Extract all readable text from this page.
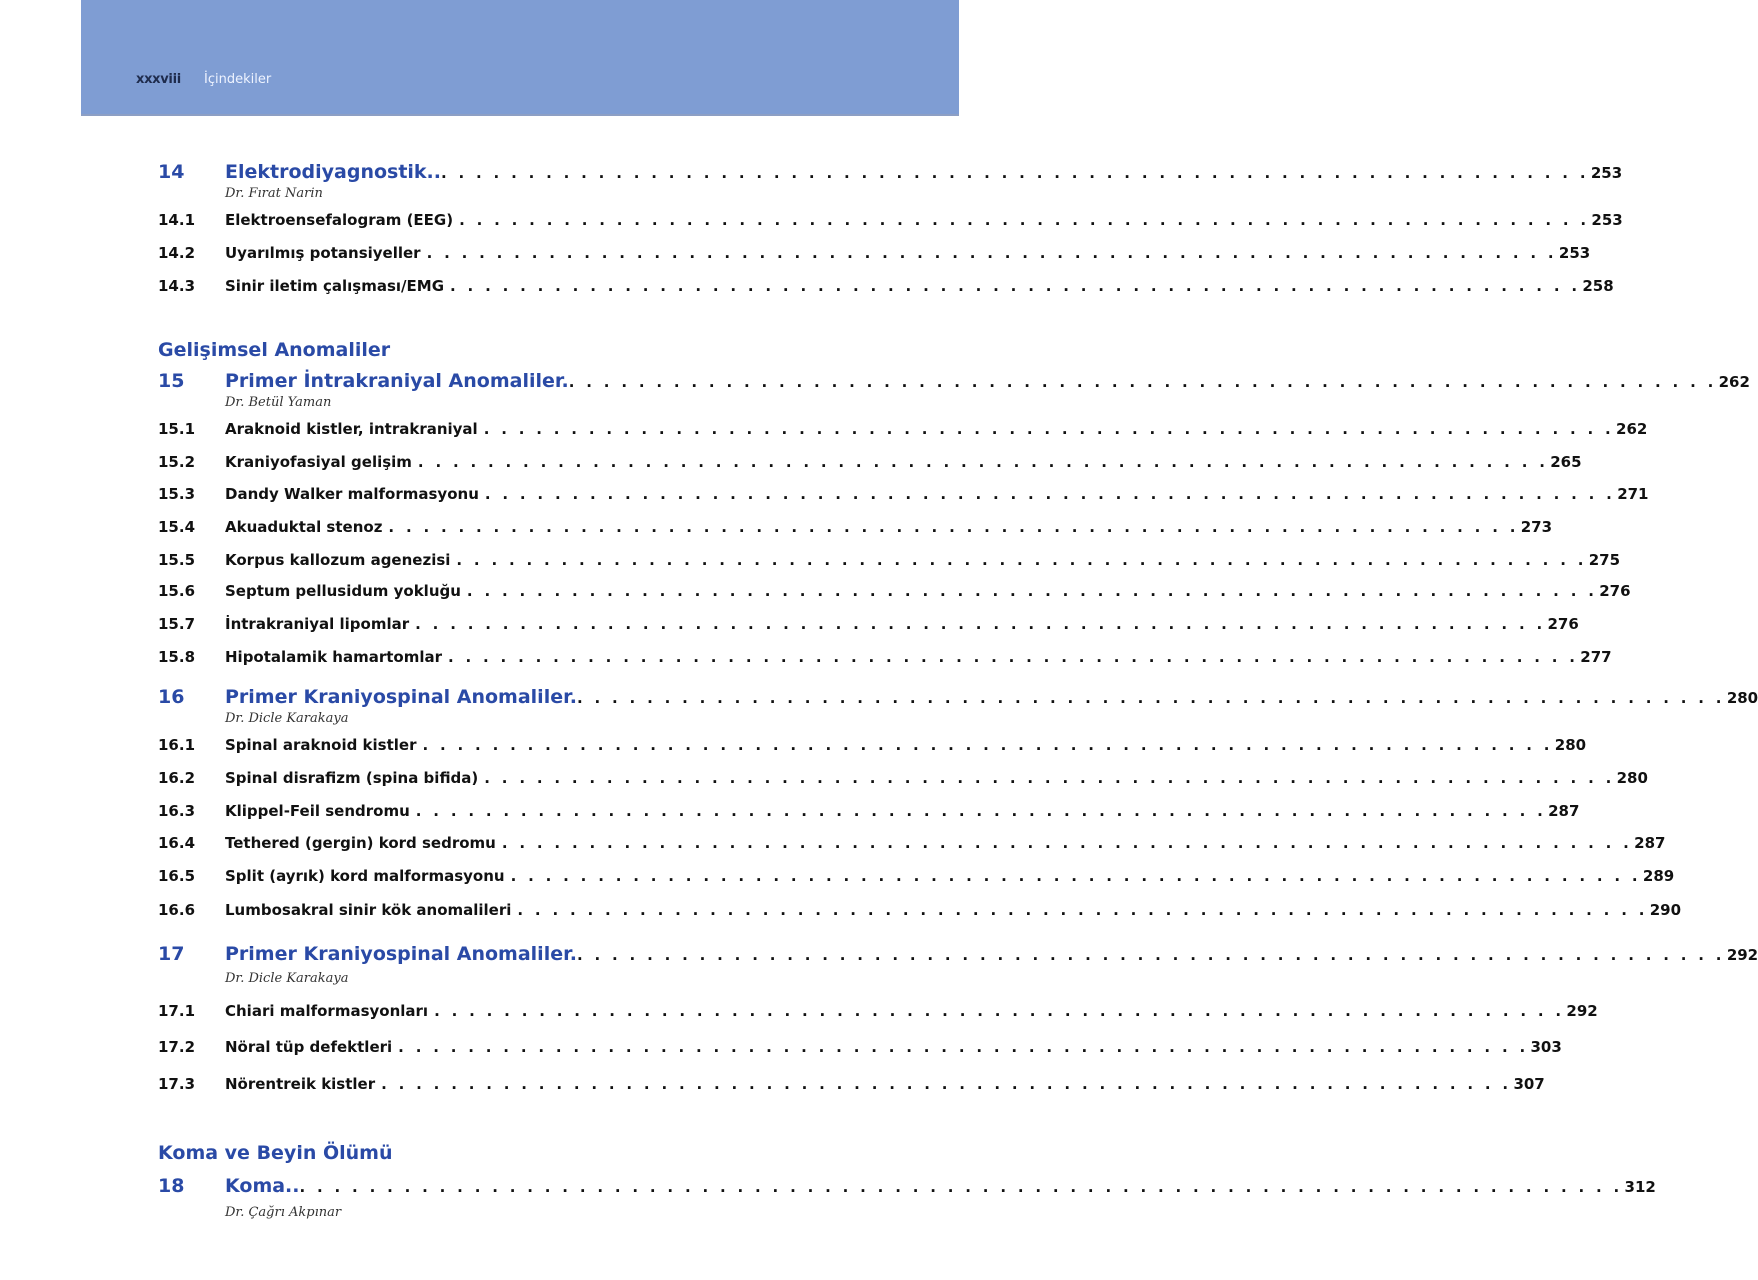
xxxviii İçindekiler
14	Elektrodiyagnostik.. . . . . . . . . . . . . . . . . . . . . . . . . . . . . . . . . . . . . . . . . . . . . . . . . . . . . . . . . . . . . . . . . . . 253
Dr. Fırat Narin
14.1	Elektroensefalogram (EEG) . . . . . . . . . . . . . . . . . . . . . . . . . . . . . . . . . . . . . . . . . . . . . . . . . . . . . . . . . . . . . . . . . 253
14.2	Uyarılmış potansiyeller . . . . . . . . . . . . . . . . . . . . . . . . . . . . . . . . . . . . . . . . . . . . . . . . . . . . . . . . . . . . . . . . . 253
14.3	Sinir iletim çalışması/EMG . . . . . . . . . . . . . . . . . . . . . . . . . . . . . . . . . . . . . . . . . . . . . . . . . . . . . . . . . . . . . . . . . 258
Gelişimsel Anomaliler
15	Primer İntrakraniyal Anomaliler. . . . . . . . . . . . . . . . . . . . . . . . . . . . . . . . . . . . . . . . . . . . . . . . . . . . . . . . . . . . . . . . . . . 262
Dr. Betül Yaman
15.1	Araknoid kistler, intrakraniyal . . . . . . . . . . . . . . . . . . . . . . . . . . . . . . . . . . . . . . . . . . . . . . . . . . . . . . . . . . . . . . . . . 262
15.2	Kraniyofasiyal gelişim . . . . . . . . . . . . . . . . . . . . . . . . . . . . . . . . . . . . . . . . . . . . . . . . . . . . . . . . . . . . . . . . . 265
15.3	Dandy Walker malformasyonu . . . . . . . . . . . . . . . . . . . . . . . . . . . . . . . . . . . . . . . . . . . . . . . . . . . . . . . . . . . . . . . . . 271
15.4	Akuaduktal stenoz . . . . . . . . . . . . . . . . . . . . . . . . . . . . . . . . . . . . . . . . . . . . . . . . . . . . . . . . . . . . . . . . . 273
15.5	Korpus kallozum agenezisi . . . . . . . . . . . . . . . . . . . . . . . . . . . . . . . . . . . . . . . . . . . . . . . . . . . . . . . . . . . . . . . . . 275
15.6	Septum pellusidum yokluğu . . . . . . . . . . . . . . . . . . . . . . . . . . . . . . . . . . . . . . . . . . . . . . . . . . . . . . . . . . . . . . . . . 276
15.7	İntrakraniyal lipomlar . . . . . . . . . . . . . . . . . . . . . . . . . . . . . . . . . . . . . . . . . . . . . . . . . . . . . . . . . . . . . . . . . 276
15.8	Hipotalamik hamartomlar . . . . . . . . . . . . . . . . . . . . . . . . . . . . . . . . . . . . . . . . . . . . . . . . . . . . . . . . . . . . . . . . . 277
16	Primer Kraniyospinal Anomaliler. . . . . . . . . . . . . . . . . . . . . . . . . . . . . . . . . . . . . . . . . . . . . . . . . . . . . . . . . . . . . . . . . . . 280
Dr. Dicle Karakaya
16.1	Spinal araknoid kistler . . . . . . . . . . . . . . . . . . . . . . . . . . . . . . . . . . . . . . . . . . . . . . . . . . . . . . . . . . . . . . . . . 280
16.2	Spinal disrafizm (spina bifida) . . . . . . . . . . . . . . . . . . . . . . . . . . . . . . . . . . . . . . . . . . . . . . . . . . . . . . . . . . . . . . . . . 280
16.3	Klippel-Feil sendromu . . . . . . . . . . . . . . . . . . . . . . . . . . . . . . . . . . . . . . . . . . . . . . . . . . . . . . . . . . . . . . . . . 287
16.4	Tethered (gergin) kord sedromu . . . . . . . . . . . . . . . . . . . . . . . . . . . . . . . . . . . . . . . . . . . . . . . . . . . . . . . . . . . . . . . . . 287
16.5	Split (ayrık) kord malformasyonu . . . . . . . . . . . . . . . . . . . . . . . . . . . . . . . . . . . . . . . . . . . . . . . . . . . . . . . . . . . . . . . . . 289
16.6	Lumbosakral sinir kök anomalileri . . . . . . . . . . . . . . . . . . . . . . . . . . . . . . . . . . . . . . . . . . . . . . . . . . . . . . . . . . . . . . . . . 290
17	Primer Kraniyospinal Anomaliler. . . . . . . . . . . . . . . . . . . . . . . . . . . . . . . . . . . . . . . . . . . . . . . . . . . . . . . . . . . . . . . . . . . 292
Dr. Dicle Karakaya
17.1	Chiari malformasyonları . . . . . . . . . . . . . . . . . . . . . . . . . . . . . . . . . . . . . . . . . . . . . . . . . . . . . . . . . . . . . . . . . 292
17.2	Nöral tüp defektleri . . . . . . . . . . . . . . . . . . . . . . . . . . . . . . . . . . . . . . . . . . . . . . . . . . . . . . . . . . . . . . . . . 303
17.3	Nörentreik kistler . . . . . . . . . . . . . . . . . . . . . . . . . . . . . . . . . . . . . . . . . . . . . . . . . . . . . . . . . . . . . . . . . 307
Koma ve Beyin Ölümü
18	Koma.. . . . . . . . . . . . . . . . . . . . . . . . . . . . . . . . . . . . . . . . . . . . . . . . . . . . . . . . . . . . . . . . . . . . . . . . . . . . . 312
Dr. Çağrı Akpınar
